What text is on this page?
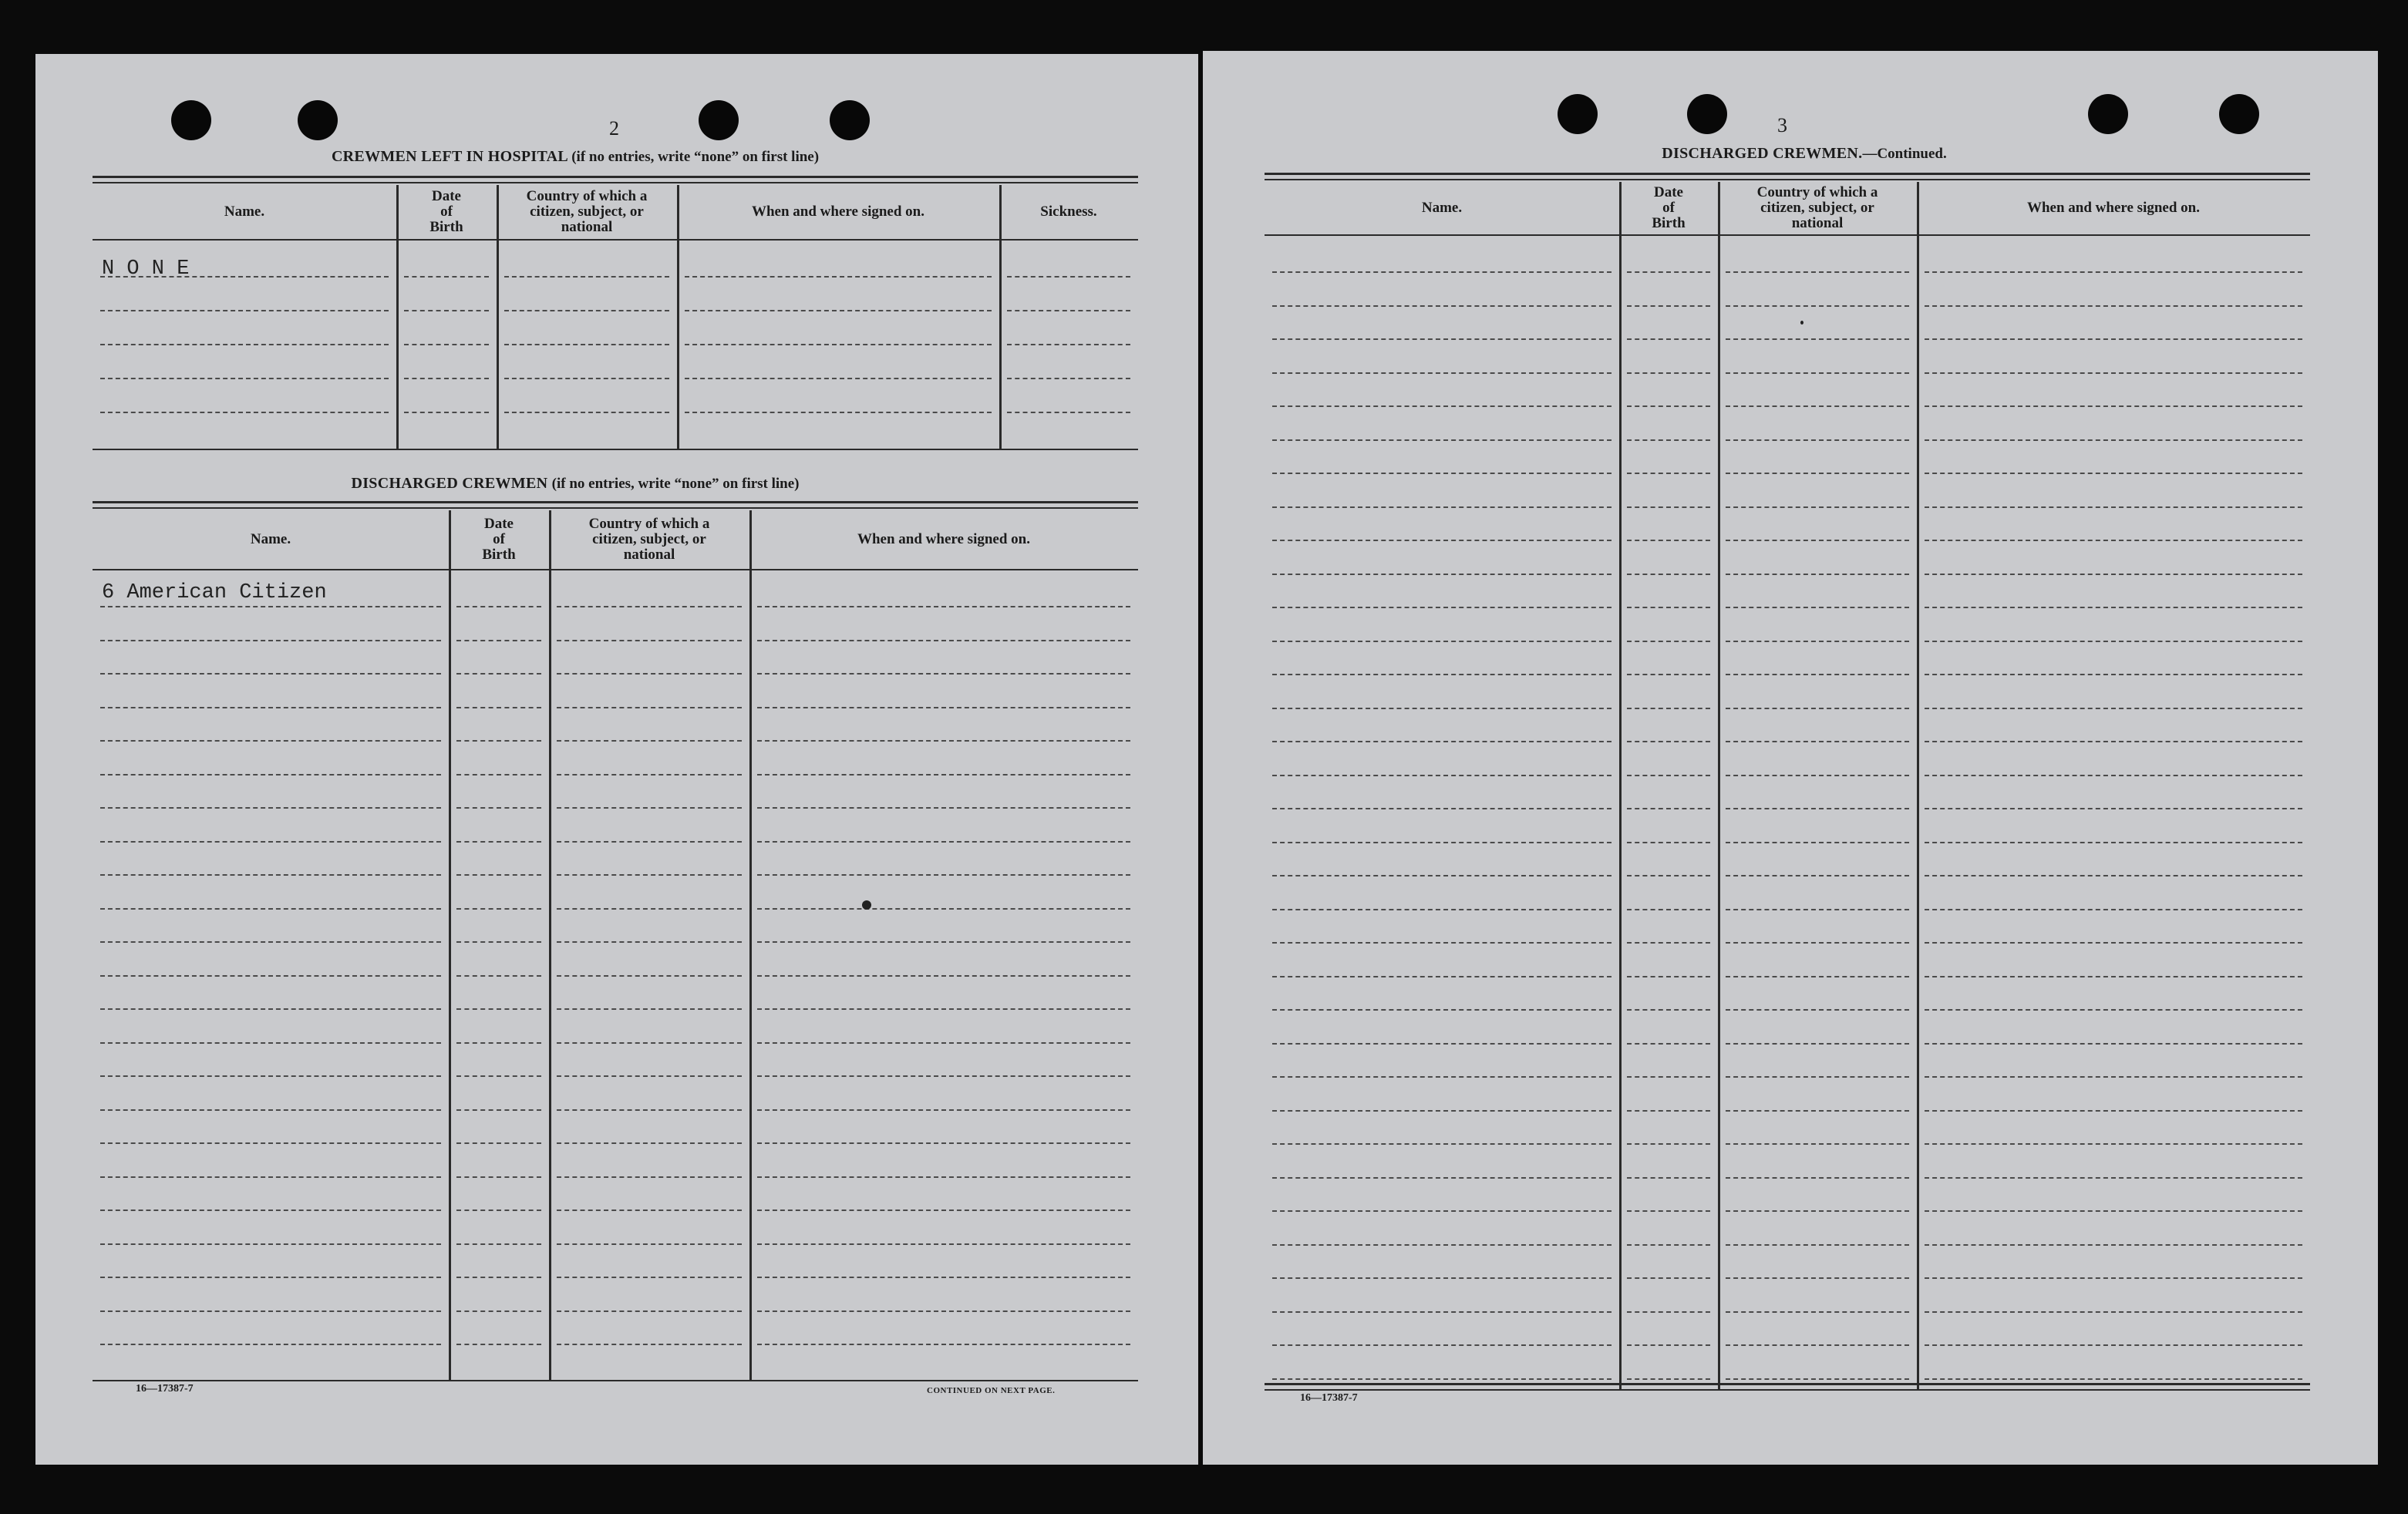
2
CREWMEN LEFT IN HOSPITAL (if no entries, write “none” on first line)
Name.
Date
of
Birth
Country of which a
citizen, subject, or
national
When and where signed on.	Sickness.
N O N E
DISCHARGED CREWMEN (if no entries, write “none” on first line)
Name.
Date
of
Birth
Country of which a
citizen, subject, or
national
When and where signed on.
6 American Citizen
16—17387-7	CONTINUED ON NEXT PAGE.
3
DISCHARGED CREWMEN.—Continued.
Name.
Date
of
Birth
Country of which a
citizen, subject, or
national
When and where signed on.
16—17387-7
